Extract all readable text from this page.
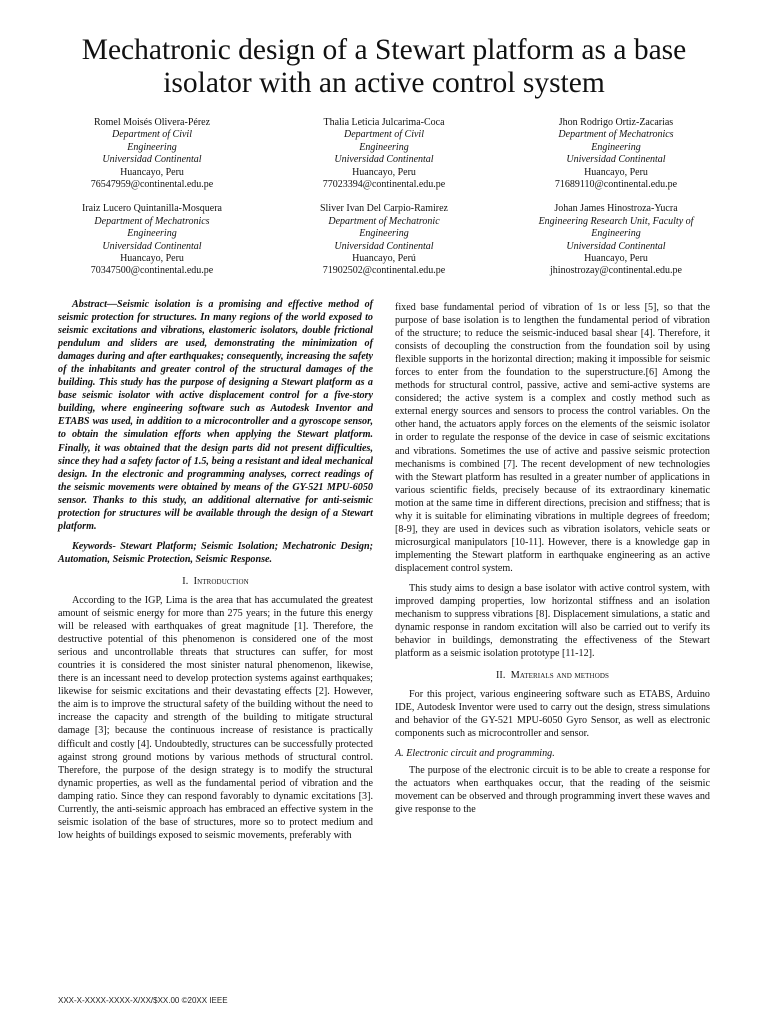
Mechatronic design of a Stewart platform as a base isolator with an active control system
Romel Moisés Olivera-Pérez
Department of Civil
Engineering
Universidad Continental
Huancayo, Peru
76547959@continental.edu.pe
Thalia Leticia Julcarima-Coca
Department of Civil
Engineering
Universidad Continental
Huancayo, Peru
77023394@continental.edu.pe
Jhon Rodrigo Ortiz-Zacarias
Department of Mechatronics
Engineering
Universidad Continental
Huancayo, Peru
71689110@continental.edu.pe
Iraiz Lucero Quintanilla-Mosquera
Department of Mechatronics
Engineering
Universidad Continental
Huancayo, Peru
70347500@continental.edu.pe
Sliver Ivan Del Carpio-Ramirez
Department of Mechatronic
Engineering
Universidad Continental
Huancayo, Perú
71902502@continental.edu.pe
Johan James Hinostroza-Yucra
Engineering Research Unit, Faculty of
Engineering
Universidad Continental
Huancayo, Peru
jhinostrozay@continental.edu.pe

Abstract—Seismic isolation is a promising and effective method of seismic protection for structures. In many regions of the world exposed to seismic excitations and vibrations, elastomeric isolators, double frictional pendulum and sliders are used, demonstrating the minimization of damages during and after earthquakes; consequently, increasing the safety of the inhabitants and greater control of the structural damages of the building. This study has the purpose of designing a Stewart platform as a base seismic isolator with active displacement control for a five-story building, where engineering software such as Autodesk Inventor and ETABS was used, in addition to a microcontroller and a gyroscope sensor, to obtain the simulation efforts when applying the Stewart platform. Finally, it was obtained that the design parts did not present difficulties, since they had a safety factor of 1.5, being a resistant and ideal mechanical design. In the electronic and programming analyses, correct readings of the seismic movements were obtained by means of the GY-521 MPU-6050 sensor. Thanks to this study, an additional alternative for anti-seismic protection for structures will be available through the design of a Stewart platform.

Keywords- Stewart Platform; Seismic Isolation; Mechatronic Design; Automation, Seismic Protection, Seismic Response.

I. Introduction

According to the IGP, Lima is the area that has accumulated the greatest amount of seismic energy for more than 275 years; in the future this energy will be released with earthquakes of great magnitude [1]. Therefore, the destructive potential of this phenomenon is considered one of the most serious and uncontrollable threats that structures can suffer, for most countries it is considered the most sinister natural phenomenon, likewise, there is an incessant need to develop protection systems against earthquakes; likewise for seismic excitations and their devastating effects [2]. However, the aim is to improve the structural safety of the building without the need to increase the capacity and strength of the building to mitigate structural damage [3]; because the continuous increase of resistance is practically difficult and costly [4]. Undoubtedly, structures can be successfully protected against strong ground motions by various methods of structural control. Therefore, the purpose of the design strategy is to modify the structural dynamic properties, as well as the fundamental period of vibration and the damping ratio. Since they can respond favorably to dynamic excitations [3]. Currently, the anti-seismic approach has embraced an effective system in the seismic isolation of the base of structures, more so to protect medium and low heights of buildings exposed to seismic movements, preferably with

fixed base fundamental period of vibration of 1s or less [5], so that the purpose of base isolation is to lengthen the fundamental period of vibration of the structure; to reduce the seismic-induced basal shear [4]. Therefore, it consists of decoupling the construction from the foundation soil by using flexible supports in the horizontal direction; making it impossible for seismic forces to enter from the foundation to the superstructure.[6] Among the methods for structural control, passive, active and semi-active systems are considered; the active system is a complex and costly method such as external energy sources and sensors to process the control variables. On the other hand, the actuators apply forces on the elements of the seismic isolator in order to regulate the response of the device in case of seismic excitations and vibrations. Sometimes the use of active and passive seismic protection mechanisms is combined [7]. The recent development of new technologies with the Stewart platform has resulted in a greater number of applications in various scientific fields, precisely because of its extraordinary kinematic motion at the same time in different directions, precision and stiffness; that is why it is suitable for eliminating vibrations in multiple degrees of freedom; [8-9], they are used in devices such as vibration isolators, vehicle seats or microsurgical manipulators [10-11]. However, there is a knowledge gap in implementing the Stewart platform in earthquake engineering as an active displacement control system.

This study aims to design a base isolator with active control system, with improved damping properties, low horizontal stiffness and an isolation mechanism to suppress vibrations [8]. Displacement simulations, a static and dynamic response in random excitation will also be carried out to verify its behavior in buildings, demonstrating the effectiveness of the Stewart platform as a seismic isolation prototype [11-12].

II. Materials and methods

For this project, various engineering software such as ETABS, Arduino IDE, Autodesk Inventor were used to carry out the design, stress simulations and behavior of the GY-521 MPU-6050 Gyro Sensor, as well as electronic components such as microcontroller and sensor.

A. Electronic circuit and programming.

The purpose of the electronic circuit is to be able to create a response for the actuators when earthquakes occur, that the reading of the seismic movement can be observed and through programming invert these waves and give response to the

XXX-X-XXXX-XXXX-X/XX/$XX.00 ©20XX IEEE
